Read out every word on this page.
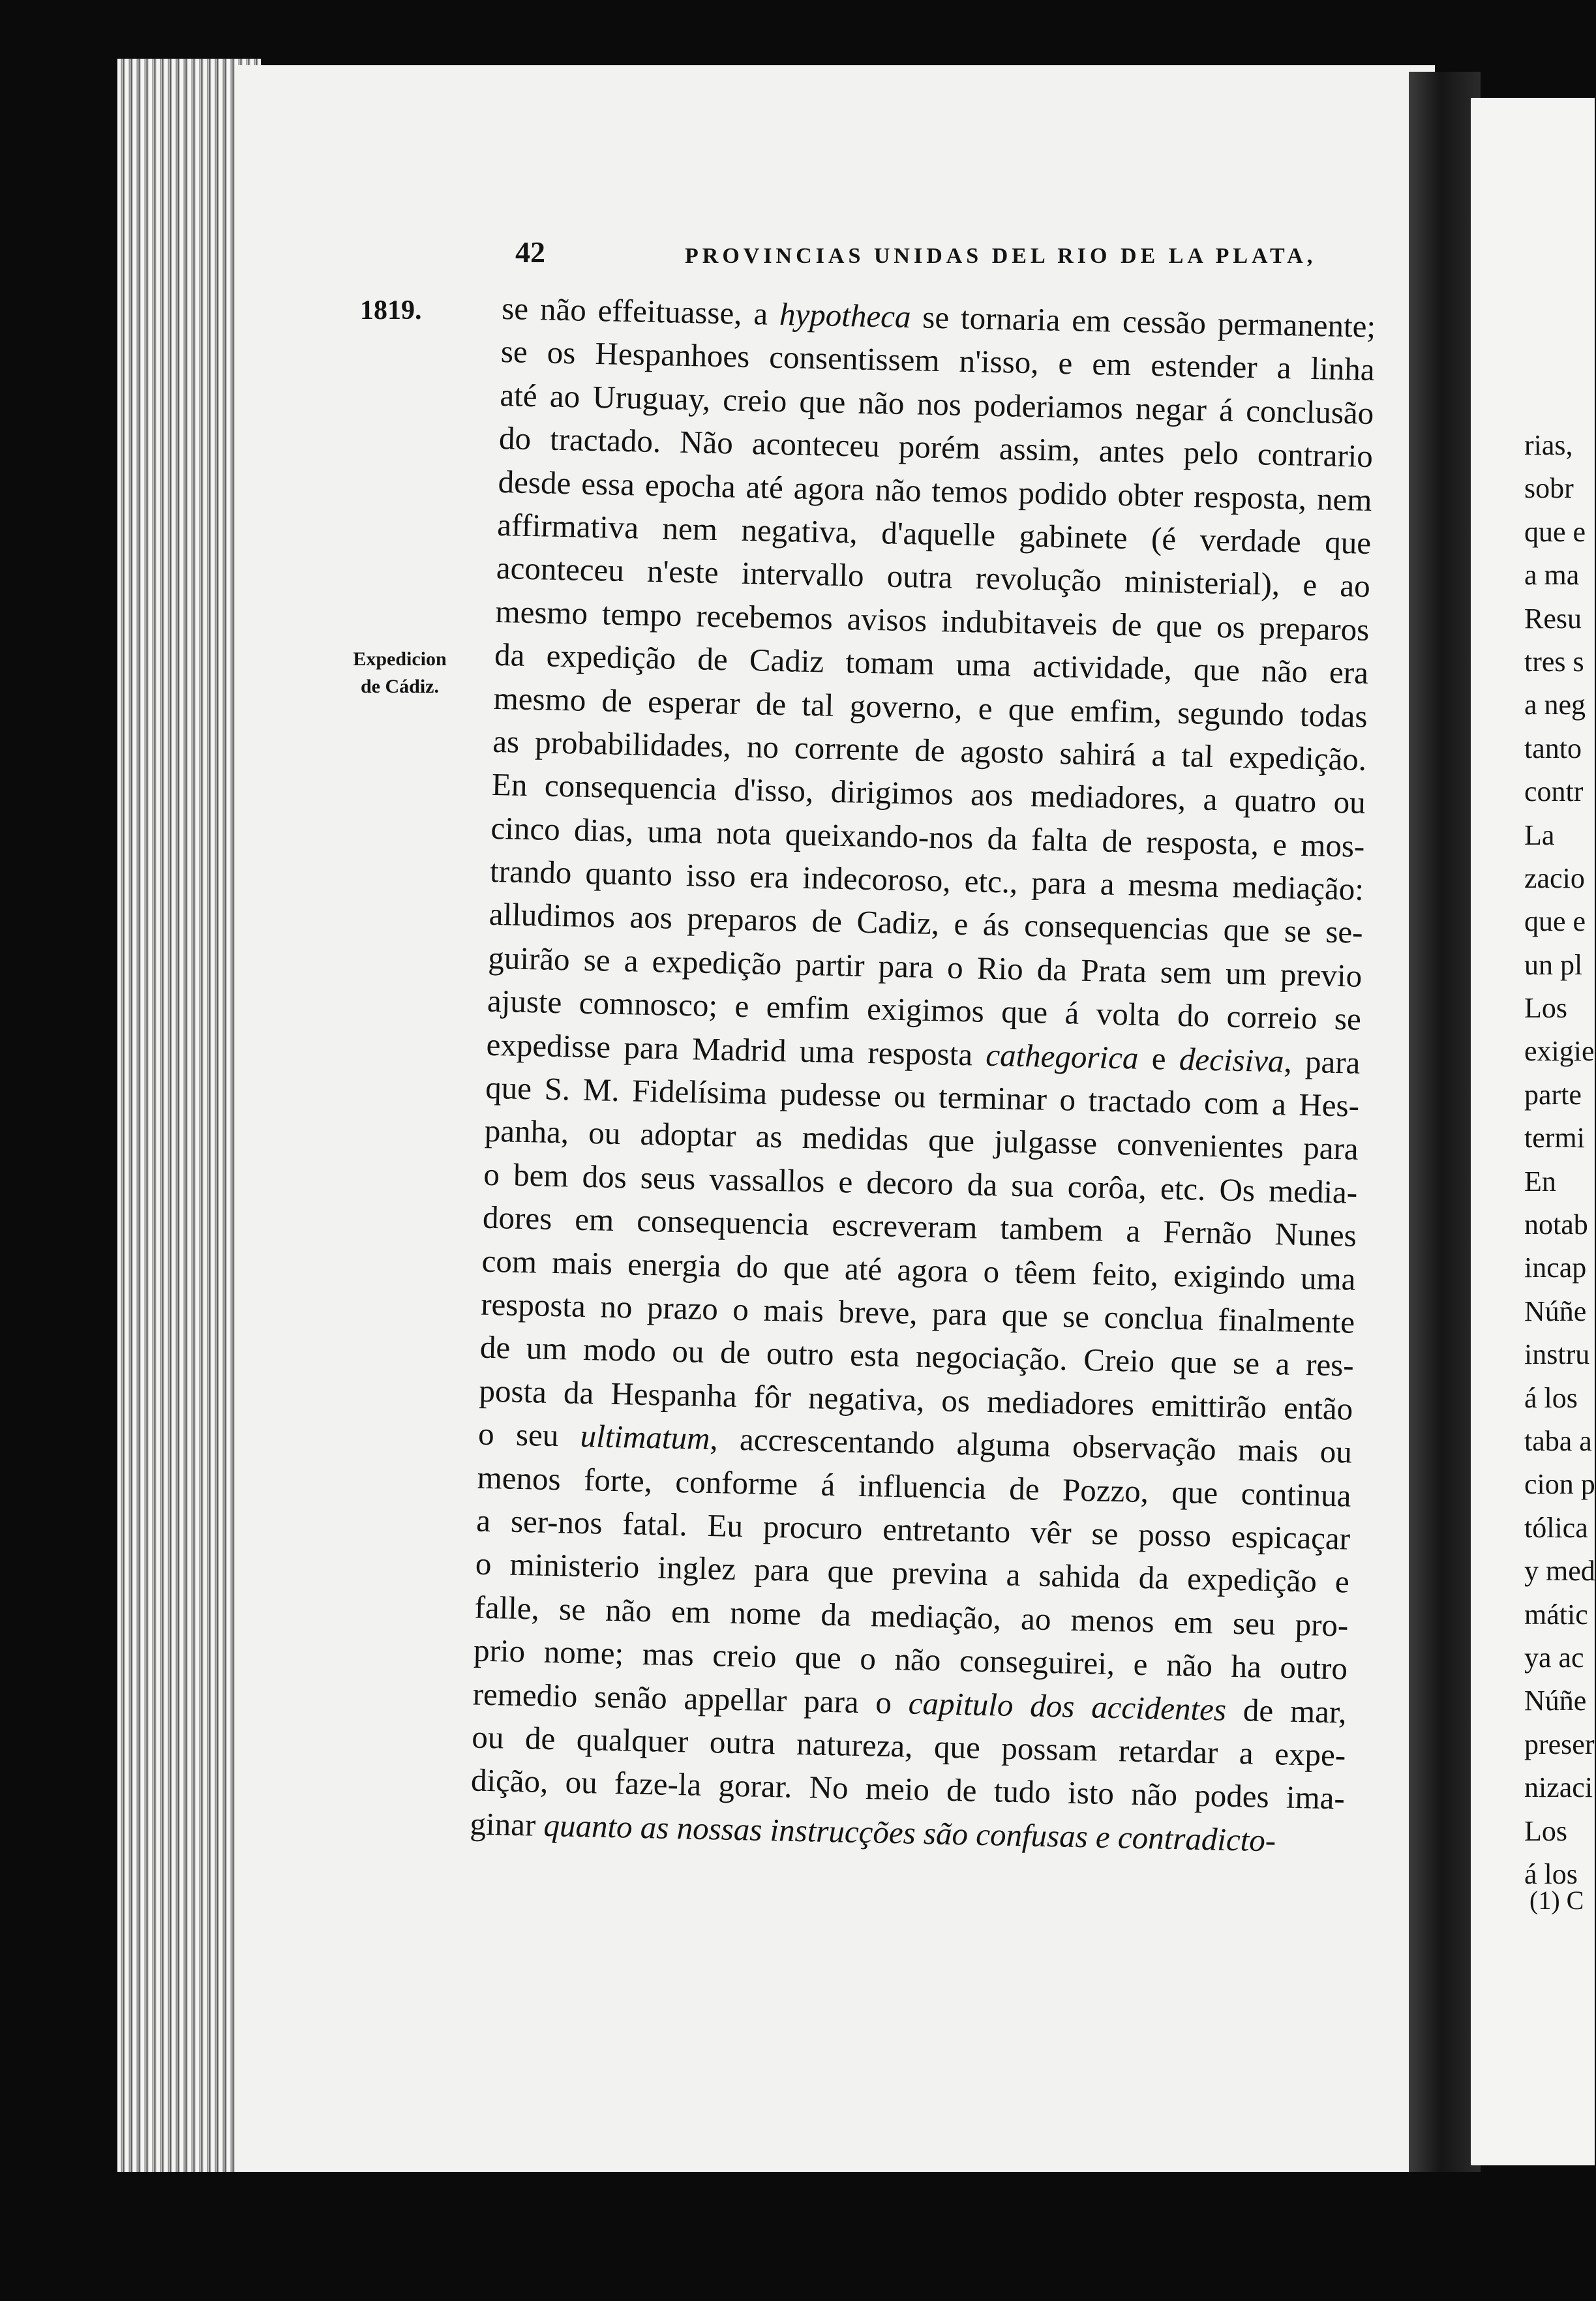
rias,
sobr
que e
a ma
Resu
tres s
a neg
tanto
contr
La
zacio
que e
un pl
Los
exigie
parte
termi
En
notab
incap
Núñe
instru
á los
taba a
cion p
tólica
y med
mátic
ya ac
Núñe
preser
nizaci
Los
á los
(1) C
42	PROVINCIAS UNIDAS DEL RIO DE LA PLATA,
1819.
Expedicion
de Cádiz.
se não effeituasse, a hypotheca se tornaria em cessão permanente;
se os Hespanhoes consentissem n'isso, e em estender a linha
até ao Uruguay, creio que não nos poderiamos negar á conclusão
do tractado. Não aconteceu porém assim, antes pelo contrario
desde essa epocha até agora não temos podido obter resposta, nem
affirmativa nem negativa, d'aquelle gabinete (é verdade que
aconteceu n'este intervallo outra revolução ministerial), e ao
mesmo tempo recebemos avisos indubitaveis de que os preparos
da expedição de Cadiz tomam uma actividade, que não era
mesmo de esperar de tal governo, e que emfim, segundo todas
as probabilidades, no corrente de agosto sahirá a tal expedição.
En consequencia d'isso, dirigimos aos mediadores, a quatro ou
cinco dias, uma nota queixando-nos da falta de resposta, e mos-
trando quanto isso era indecoroso, etc., para a mesma mediação:
alludimos aos preparos de Cadiz, e ás consequencias que se se-
guirão se a expedição partir para o Rio da Prata sem um previo
ajuste comnosco; e emfim exigimos que á volta do correio se
expedisse para Madrid uma resposta cathegorica e decisiva, para
que S. M. Fidelísima pudesse ou terminar o tractado com a Hes-
panha, ou adoptar as medidas que julgasse convenientes para
o bem dos seus vassallos e decoro da sua corôa, etc. Os media-
dores em consequencia escreveram tambem a Fernão Nunes
com mais energia do que até agora o têem feito, exigindo uma
resposta no prazo o mais breve, para que se conclua finalmente
de um modo ou de outro esta negociação. Creio que se a res-
posta da Hespanha fôr negativa, os mediadores emittirão então
o seu ultimatum, accrescentando alguma observação mais ou
menos forte, conforme á influencia de Pozzo, que continua
a ser-nos fatal. Eu procuro entretanto vêr se posso espicaçar
o ministerio inglez para que previna a sahida da expedição e
falle, se não em nome da mediação, ao menos em seu pro-
prio nome; mas creio que o não conseguirei, e não ha outro
remedio senão appellar para o capitulo dos accidentes de mar,
ou de qualquer outra natureza, que possam retardar a expe-
dição, ou faze-la gorar. No meio de tudo isto não podes ima-
ginar quanto as nossas instrucções são confusas e contradicto-
